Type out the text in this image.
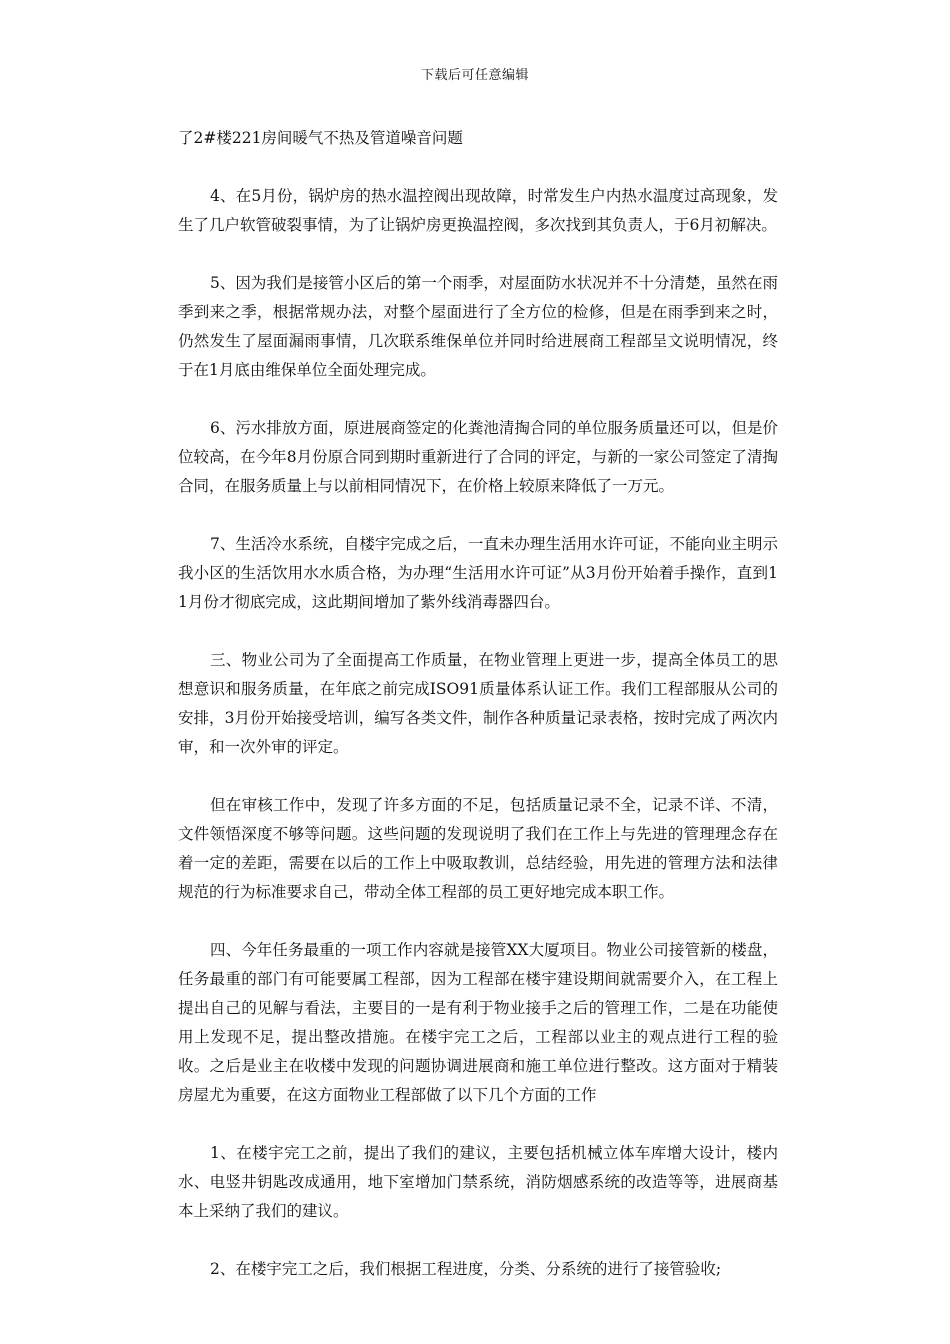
下载后可任意编辑

了2#楼221房间暖气不热及管道噪音问题

4、在5月份，锅炉房的热水温控阀出现故障，时常发生户内热水温度过高现象，发生了几户软管破裂事情，为了让锅炉房更换温控阀，多次找到其负责人，于6月初解决。

5、因为我们是接管小区后的第一个雨季，对屋面防水状况并不十分清楚，虽然在雨季到来之季，根据常规办法，对整个屋面进行了全方位的检修，但是在雨季到来之时，仍然发生了屋面漏雨事情，几次联系维保单位并同时给进展商工程部呈文说明情况，终于在1月底由维保单位全面处理完成。

6、污水排放方面，原进展商签定的化粪池清掏合同的单位服务质量还可以，但是价位较高，在今年8月份原合同到期时重新进行了合同的评定，与新的一家公司签定了清掏合同，在服务质量上与以前相同情况下，在价格上较原来降低了一万元。

7、生活冷水系统，自楼宇完成之后，一直未办理生活用水许可证，不能向业主明示我小区的生活饮用水水质合格，为办理“生活用水许可证”从3月份开始着手操作，直到11月份才彻底完成，这此期间增加了紫外线消毒器四台。

三、物业公司为了全面提高工作质量，在物业管理上更进一步，提高全体员工的思想意识和服务质量，在年底之前完成ISO91质量体系认证工作。我们工程部服从公司的安排，3月份开始接受培训，编写各类文件，制作各种质量记录表格，按时完成了两次内审，和一次外审的评定。

但在审核工作中，发现了许多方面的不足，包括质量记录不全，记录不详、不清，文件领悟深度不够等问题。这些问题的发现说明了我们在工作上与先进的管理理念存在着一定的差距，需要在以后的工作上中吸取教训，总结经验，用先进的管理方法和法律规范的行为标准要求自己，带动全体工程部的员工更好地完成本职工作。

四、今年任务最重的一项工作内容就是接管XX大厦项目。物业公司接管新的楼盘，任务最重的部门有可能要属工程部，因为工程部在楼宇建设期间就需要介入，在工程上提出自己的见解与看法，主要目的一是有利于物业接手之后的管理工作，二是在功能使用上发现不足，提出整改措施。在楼宇完工之后，工程部以业主的观点进行工程的验收。之后是业主在收楼中发现的问题协调进展商和施工单位进行整改。这方面对于精装房屋尤为重要，在这方面物业工程部做了以下几个方面的工作

1、在楼宇完工之前，提出了我们的建议，主要包括机械立体车库增大设计，楼内水、电竖井钥匙改成通用，地下室增加门禁系统，消防烟感系统的改造等等，进展商基本上采纳了我们的建议。

2、在楼宇完工之后，我们根据工程进度，分类、分系统的进行了接管验收;
